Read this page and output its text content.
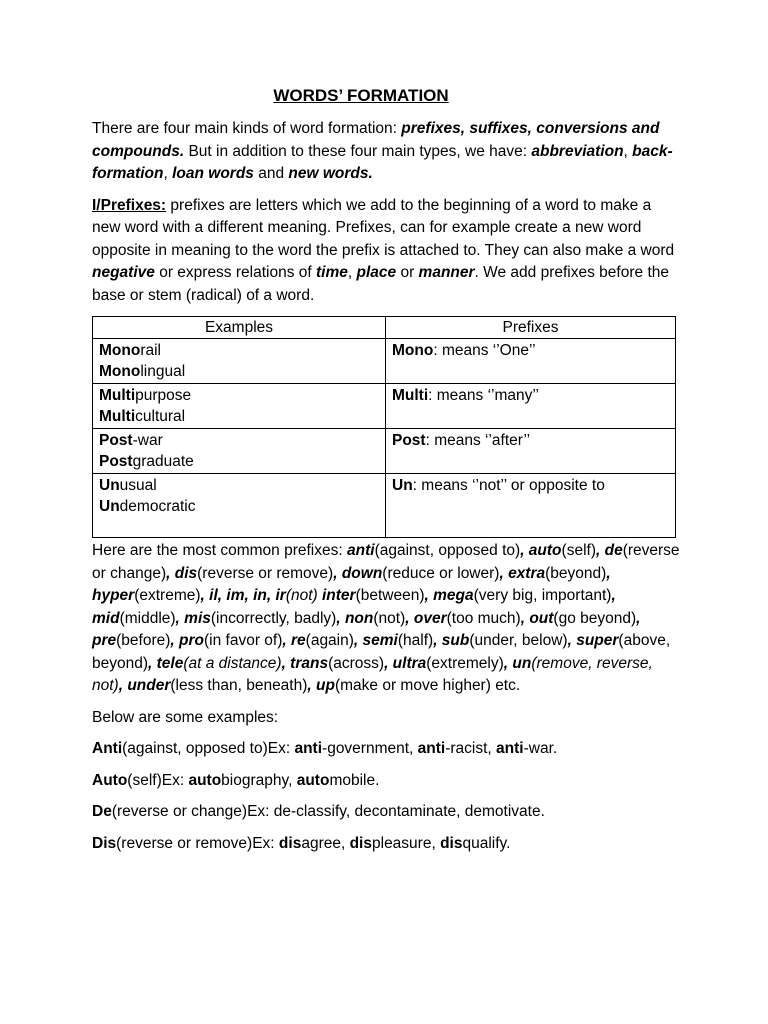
WORDS’ FORMATION

There are four main kinds of word formation: prefixes, suffixes, conversions and compounds. But in addition to these four main types, we have: abbreviation, back-formation, loan words and new words.

I/Prefixes: prefixes are letters which we add to the beginning of a word to make a new word with a different meaning. Prefixes, can for example create a new word opposite in meaning to the word the prefix is attached to. They can also make a word negative or express relations of time, place or manner. We add prefixes before the base or stem (radical) of a word.

Examples	Prefixes

Monorail
Monolingual	Mono: means ‘’One’’

Multipurpose
Multicultural	Multi: means ‘’many’’

Post-war
Postgraduate	Post: means ‘’after’’

Unusual
Undemocratic	Un: means ‘’not’’ or opposite to

Here are the most common prefixes: anti(against, opposed to), auto(self), de(reverse or change), dis(reverse or remove), down(reduce or lower), extra(beyond), hyper(extreme), il, im, in, ir(not) inter(between), mega(very big, important), mid(middle), mis(incorrectly, badly), non(not), over(too much), out(go beyond), pre(before), pro(in favor of), re(again), semi(half), sub(under, below), super(above, beyond), tele(at a distance), trans(across), ultra(extremely), un(remove, reverse, not), under(less than, beneath), up(make or move higher) etc.

Below are some examples:

Anti(against, opposed to)Ex: anti-government, anti-racist, anti-war.

Auto(self)Ex: autobiography, automobile.

De(reverse or change)Ex: de-classify, decontaminate, demotivate.

Dis(reverse or remove)Ex: disagree, displeasure, disqualify.
